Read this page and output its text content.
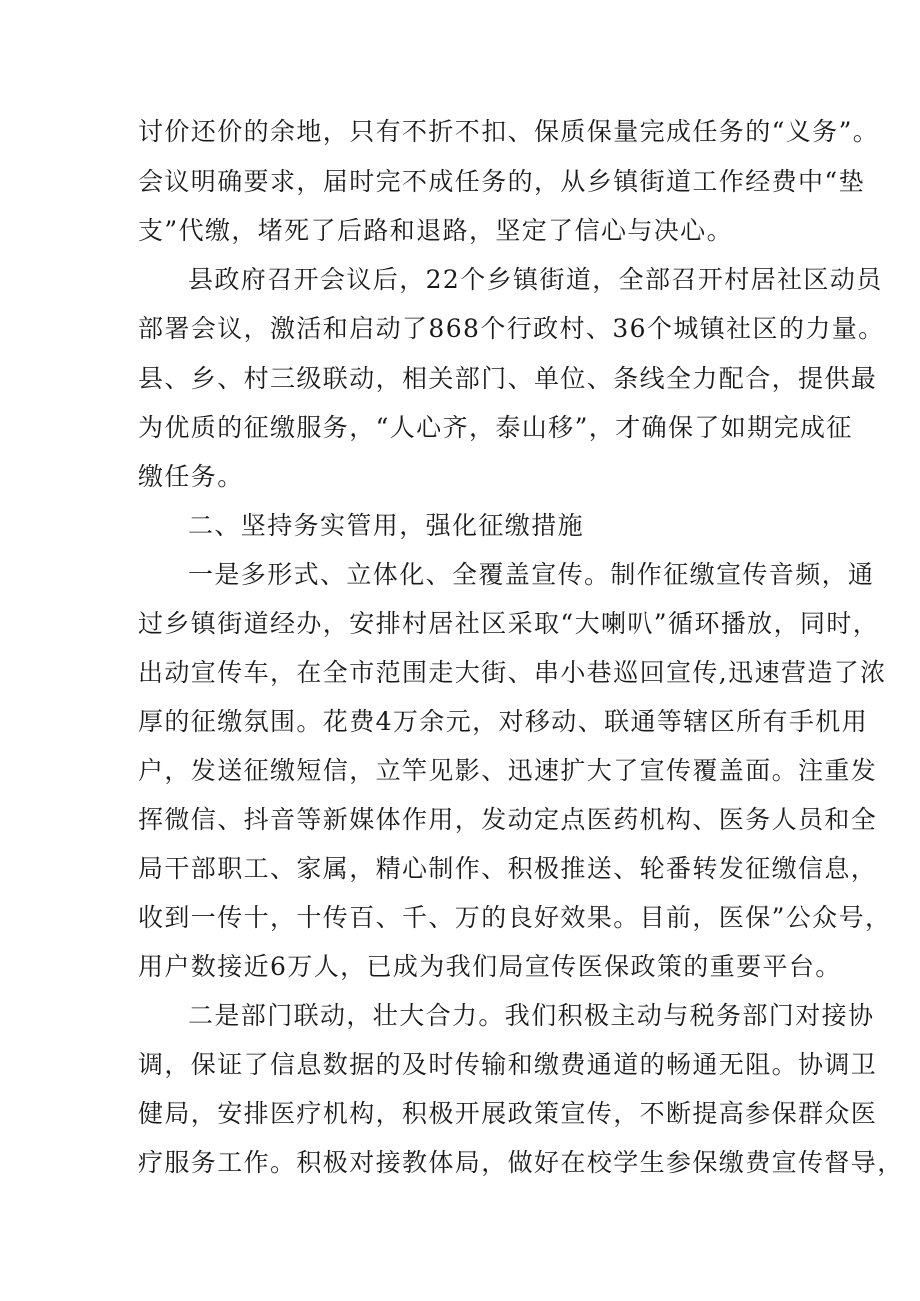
讨价还价的余地，只有不折不扣、保质保量完成任务的“义务”。
会议明确要求，届时完不成任务的，从乡镇街道工作经费中“垫
支”代缴，堵死了后路和退路，坚定了信心与决心。
县政府召开会议后，22个乡镇街道，全部召开村居社区动员
部署会议，激活和启动了868个行政村、36个城镇社区的力量。
县、乡、村三级联动，相关部门、单位、条线全力配合，提供最
为优质的征缴服务，“人心齐，泰山移”，才确保了如期完成征
缴任务。
二、坚持务实管用，强化征缴措施
一是多形式、立体化、全覆盖宣传。制作征缴宣传音频，通
过乡镇街道经办，安排村居社区采取“大喇叭”循环播放，同时，
出动宣传车，在全市范围走大街、串小巷巡回宣传,迅速营造了浓
厚的征缴氛围。花费4万余元，对移动、联通等辖区所有手机用
户，发送征缴短信，立竿见影、迅速扩大了宣传覆盖面。注重发
挥微信、抖音等新媒体作用，发动定点医药机构、医务人员和全
局干部职工、家属，精心制作、积极推送、轮番转发征缴信息，
收到一传十，十传百、千、万的良好效果。目前，医保”公众号，
用户数接近6万人，已成为我们局宣传医保政策的重要平台。
二是部门联动，壮大合力。我们积极主动与税务部门对接协
调，保证了信息数据的及时传输和缴费通道的畅通无阻。协调卫
健局，安排医疗机构，积极开展政策宣传，不断提高参保群众医
疗服务工作。积极对接教体局，做好在校学生参保缴费宣传督导，
